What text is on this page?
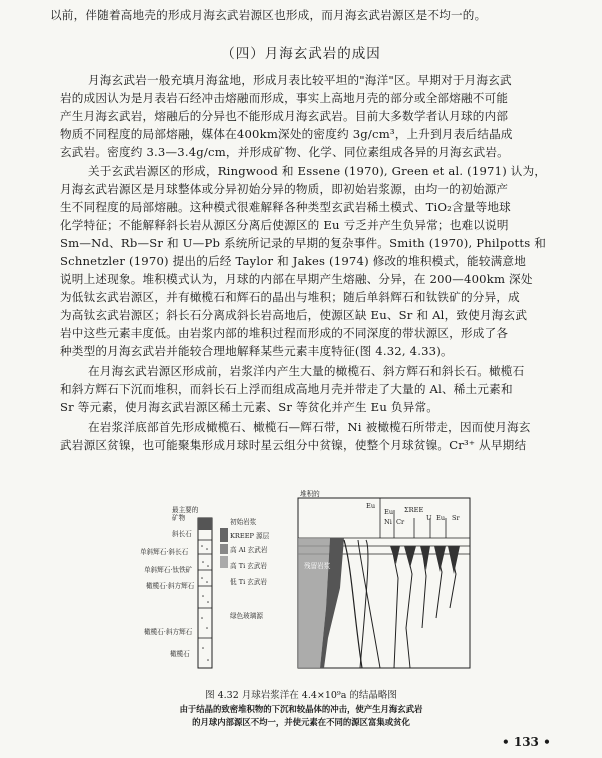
以前，伴随着高地壳的形成月海玄武岩源区也形成，而月海玄武岩源区是不均一的。
（四）月海玄武岩的成因
月海玄武岩一般充填月海盆地，形成月表比较平坦的"海洋"区。早期对于月海玄武
岩的成因认为是月表岩石经冲击熔融而形成，事实上高地月壳的部分或全部熔融不可能
产生月海玄武岩，熔融后的分异也不能形成月海玄武岩。目前大多数学者认月球的内部
物质不同程度的局部熔融，媒体在400km深处的密度约 3g/cm³，上升到月表后结晶成
玄武岩。密度约 3.3—3.4g/cm，并形成矿物、化学、同位素组成各异的月海玄武岩。
关于玄武岩源区的形成，Ringwood 和 Essene (1970), Green et al. (1971) 认为，
月海玄武岩源区是月球整体或分异初始分异的物质，即初始岩浆源，由均一的初始源产
生不同程度的局部熔融。这种模式很难解释各种类型玄武岩稀土模式、TiO₂含量等地球
化学特征；不能解释斜长岩从源区分离后使源区的 Eu 亏乏并产生负异常；也难以说明
Sm—Nd、Rb—Sr 和 U—Pb 系统所记录的早期的复杂事件。Smith (1970), Philpotts 和
Schnetzler (1970) 提出的后经 Taylor 和 Jakes (1974) 修改的堆积模式，能较满意地
说明上述现象。堆积模式认为，月球的内部在早期产生熔融、分异，在 200—400km 深处
为低钛玄武岩源区，并有橄榄石和辉石的晶出与堆积；随后单斜辉石和钛铁矿的分异，成
为高钛玄武岩源区；斜长石分离成斜长岩高地后，使源区缺 Eu、Sr 和 Al，致使月海玄武
岩中这些元素丰度低。由岩浆内部的堆积过程而形成的不同深度的带状源区，形成了各
种类型的月海玄武岩并能较合理地解释某些元素丰度特征(图 4.32, 4.33)。
在月海玄武岩源区形成前，岩浆洋内产生大量的橄榄石、斜方辉石和斜长石。橄榄石
和斜方辉石下沉而堆积，而斜长石上浮而组成高地月壳并带走了大量的 Al、稀土元素和
Sr 等元素，使月海玄武岩源区稀土元素、Sr 等贫化并产生 Eu 负异常。
在岩浆洋底部首先形成橄榄石、橄榄石—辉石带，Ni 被橄榄石所带走，因而使月海玄
武岩源区贫镍，也可能聚集形成月球时星云组分中贫镍，使整个月球贫镍。Cr³⁺ 从早期结
最主要的矿物
斜长石
单斜辉石·斜长石
单斜辉石·钛铁矿
橄榄石·斜方辉石
橄榄石·斜方辉石
橄榄石
初始岩浆
KREEP 源层
高 Al 玄武岩
高 Ti 玄武岩
低 Ti 玄武岩
绿色玻璃源
堆积的
Eu
Eu
Ni Cr
ΣREE
U Eu Sr
残留岩浆
图 4.32 月球岩浆洋在 4.4×10⁹a 的结晶略图
由于结晶的致密堆积物的下沉和较晶体的冲击，使产生月海玄武岩
的月球内部源区不均一，并使元素在不同的源区富集或贫化
• 133 •
